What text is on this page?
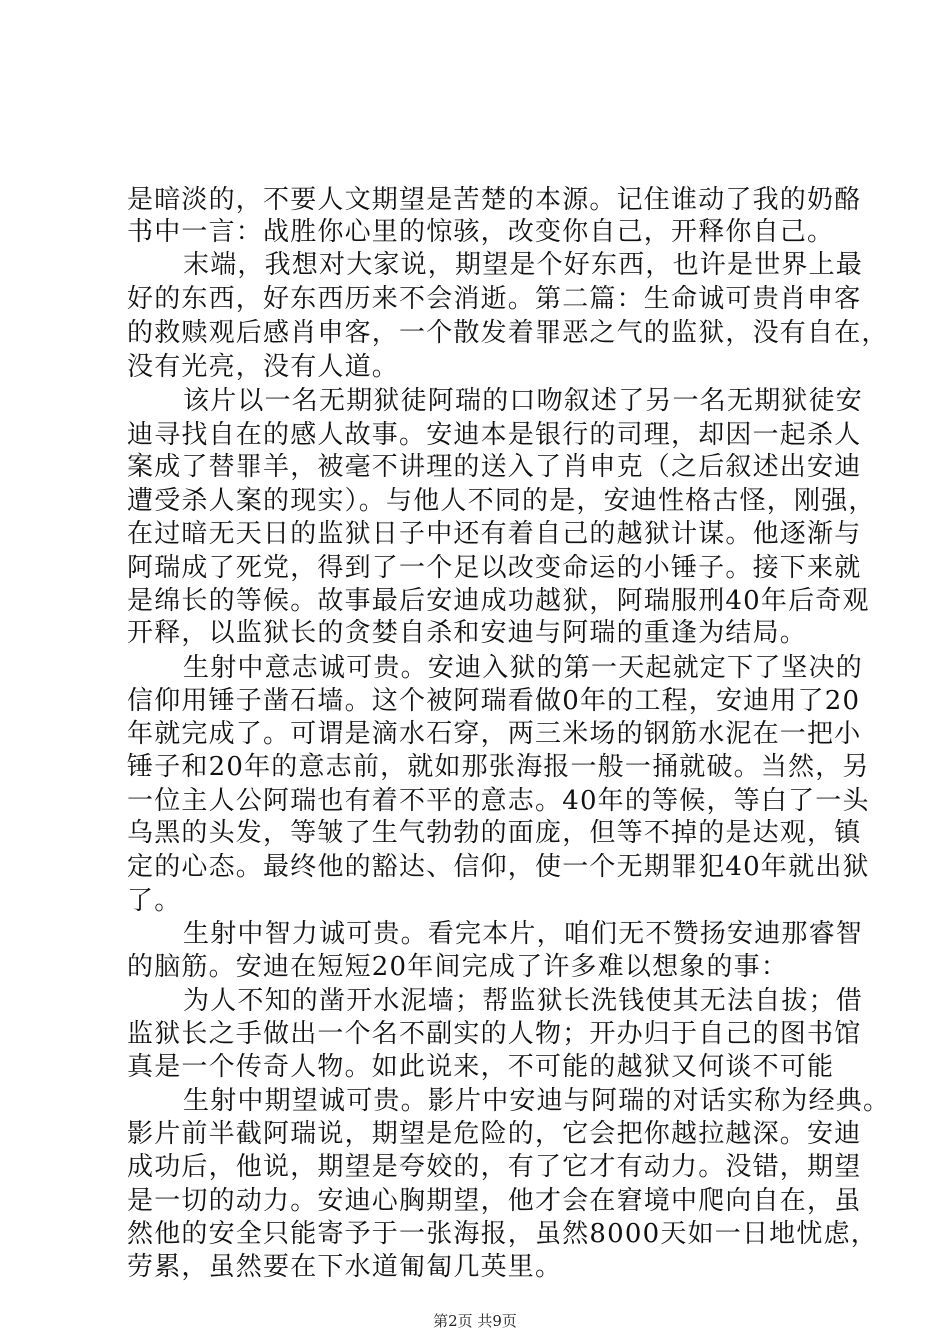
是暗淡的，不要人文期望是苦楚的本源。记住谁动了我的奶酪
书中一言：战胜你心里的惊骇，改变你自己，开释你自己。
末端，我想对大家说，期望是个好东西，也许是世界上最
好的东西，好东西历来不会消逝。第二篇：生命诚可贵肖申客
的救赎观后感肖申客，一个散发着罪恶之气的监狱，没有自在，
没有光亮，没有人道。
该片以一名无期狱徒阿瑞的口吻叙述了另一名无期狱徒安
迪寻找自在的感人故事。安迪本是银行的司理，却因一起杀人
案成了替罪羊，被毫不讲理的送入了肖申克（之后叙述出安迪
遭受杀人案的现实）。与他人不同的是，安迪性格古怪，刚强，
在过暗无天日的监狱日子中还有着自己的越狱计谋。他逐渐与
阿瑞成了死党，得到了一个足以改变命运的小锤子。接下来就
是绵长的等候。故事最后安迪成功越狱，阿瑞服刑40年后奇观
开释，以监狱长的贪婪自杀和安迪与阿瑞的重逢为结局。
生射中意志诚可贵。安迪入狱的第一天起就定下了坚决的
信仰用锤子凿石墙。这个被阿瑞看做0年的工程，安迪用了20
年就完成了。可谓是滴水石穿，两三米场的钢筋水泥在一把小
锤子和20年的意志前，就如那张海报一般一捅就破。当然，另
一位主人公阿瑞也有着不平的意志。40年的等候，等白了一头
乌黑的头发，等皱了生气勃勃的面庞，但等不掉的是达观，镇
定的心态。最终他的豁达、信仰，使一个无期罪犯40年就出狱
了。
生射中智力诚可贵。看完本片，咱们无不赞扬安迪那睿智
的脑筋。安迪在短短20年间完成了许多难以想象的事：
为人不知的凿开水泥墙；帮监狱长洗钱使其无法自拔；借
监狱长之手做出一个名不副实的人物；开办归于自己的图书馆
真是一个传奇人物。如此说来，不可能的越狱又何谈不可能
生射中期望诚可贵。影片中安迪与阿瑞的对话实称为经典。
影片前半截阿瑞说，期望是危险的，它会把你越拉越深。安迪
成功后，他说，期望是夸姣的，有了它才有动力。没错，期望
是一切的动力。安迪心胸期望，他才会在窘境中爬向自在，虽
然他的安全只能寄予于一张海报，虽然8000天如一日地忧虑，
劳累，虽然要在下水道匍匐几英里。
第2页 共9页
